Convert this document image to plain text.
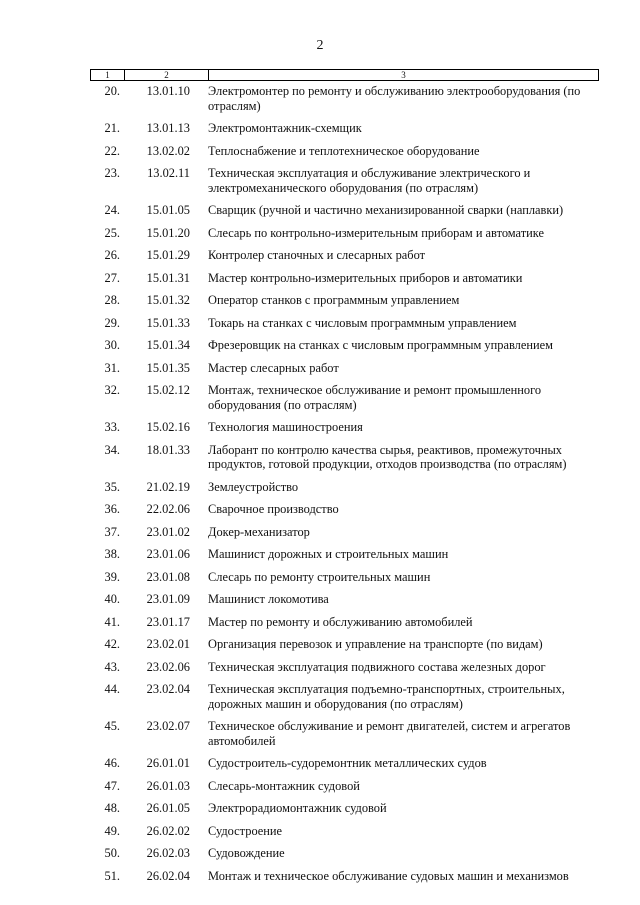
2
1	2	3
20.	13.01.10 Электромонтер по ремонту и обслуживанию электрооборудования (по отраслям)
21.	13.01.13 Электромонтажник-схемщик
22.	13.02.02 Теплоснабжение и теплотехническое оборудование
23.	13.02.11 Техническая эксплуатация и обслуживание электрического и электромеханического оборудования (по отраслям)
24.	15.01.05 Сварщик (ручной и частично механизированной сварки (наплавки)
25.	15.01.20 Слесарь по контрольно-измерительным приборам и автоматике
26.	15.01.29 Контролер станочных и слесарных работ
27.	15.01.31 Мастер контрольно-измерительных приборов и автоматики
28.	15.01.32 Оператор станков с программным управлением
29.	15.01.33 Токарь на станках с числовым программным управлением
30.	15.01.34 Фрезеровщик на станках с числовым программным управлением
31.	15.01.35 Мастер слесарных работ
32.	15.02.12 Монтаж, техническое обслуживание и ремонт промышленного оборудования (по отраслям)
33.	15.02.16 Технология машиностроения
34.	18.01.33 Лаборант по контролю качества сырья, реактивов, промежуточных продуктов, готовой продукции, отходов производства (по отраслям)
35.	21.02.19 Землеустройство
36.	22.02.06 Сварочное производство
37.	23.01.02 Докер-механизатор
38.	23.01.06 Машинист дорожных и строительных машин
39.	23.01.08 Слесарь по ремонту строительных машин
40.	23.01.09 Машинист локомотива
41.	23.01.17 Мастер по ремонту и обслуживанию автомобилей
42.	23.02.01 Организация перевозок и управление на транспорте (по видам)
43.	23.02.06 Техническая эксплуатация подвижного состава железных дорог
44.	23.02.04 Техническая эксплуатация подъемно-транспортных, строительных, дорожных машин и оборудования (по отраслям)
45.	23.02.07 Техническое обслуживание и ремонт двигателей, систем и агрегатов автомобилей
46.	26.01.01 Судостроитель-судоремонтник металлических судов
47.	26.01.03 Слесарь-монтажник судовой
48.	26.01.05 Электрорадиомонтажник судовой
49.	26.02.02 Судостроение
50.	26.02.03 Судовождение
51.	26.02.04 Монтаж и техническое обслуживание судовых машин и механизмов
